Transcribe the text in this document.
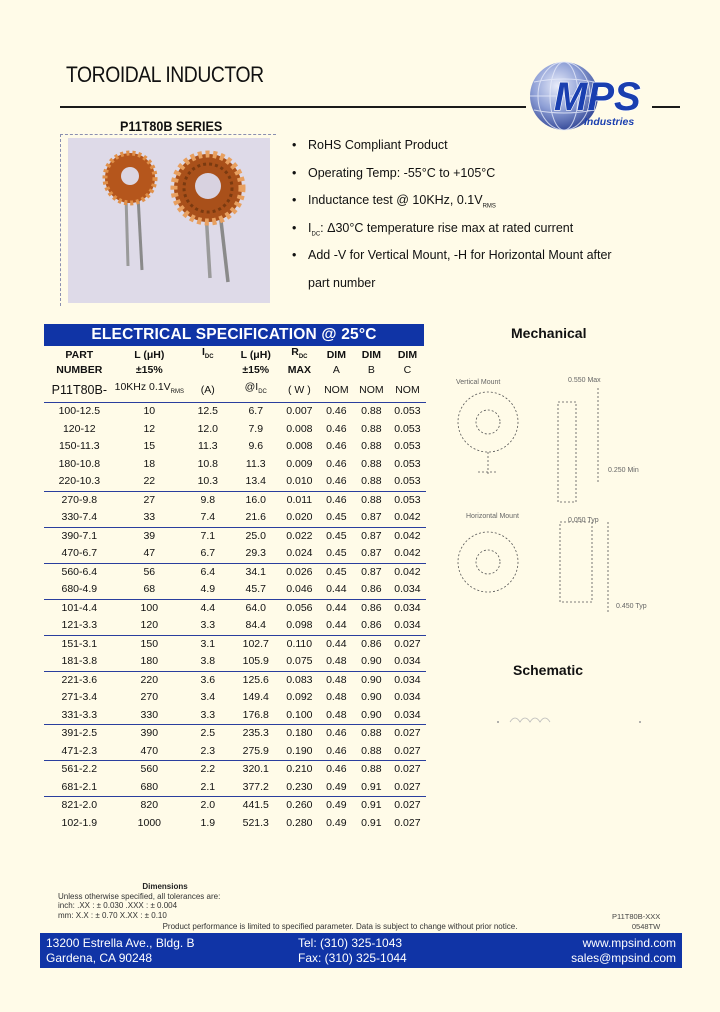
TOROIDAL INDUCTOR
MPS
Industries
P11T80B SERIES
• RoHS Compliant Product
• Operating Temp: -55°C to +105°C
• Inductance test @ 10KHz, $0.1V_{RMS}$
• $I_{DC}$: Δ30°C temperature rise max at rated current
• Add -V for Vertical Mount, -H for Horizontal Mount after
part number
ELECTRICAL SPECIFICATION @ 25°C
PART	L (μH)	$I_{DC}$	L (μH)	$R_{DC}$	DIM	DIM	DIM
NUMBER	±15%		±15%	MAX	A	B	C
P11T80B-	10KHz $0.1V_{RMS}$	(A)	$@I_{DC}$	( W )	NOM	NOM	NOM
100-12.5	10	12.5	6.7	0.007	0.46	0.88	0.053
120-12	12	12.0	7.9	0.008	0.46	0.88	0.053
150-11.3	15	11.3	9.6	0.008	0.46	0.88	0.053
180-10.8	18	10.8	11.3	0.009	0.46	0.88	0.053
220-10.3	22	10.3	13.4	0.010	0.46	0.88	0.053
270-9.8	27	9.8	16.0	0.011	0.46	0.88	0.053
330-7.4	33	7.4	21.6	0.020	0.45	0.87	0.042
390-7.1	39	7.1	25.0	0.022	0.45	0.87	0.042
470-6.7	47	6.7	29.3	0.024	0.45	0.87	0.042
560-6.4	56	6.4	34.1	0.026	0.45	0.87	0.042
680-4.9	68	4.9	45.7	0.046	0.44	0.86	0.034
101-4.4	100	4.4	64.0	0.056	0.44	0.86	0.034
121-3.3	120	3.3	84.4	0.098	0.44	0.86	0.034
151-3.1	150	3.1	102.7	0.110	0.44	0.86	0.027
181-3.8	180	3.8	105.9	0.075	0.48	0.90	0.034
221-3.6	220	3.6	125.6	0.083	0.48	0.90	0.034
271-3.4	270	3.4	149.4	0.092	0.48	0.90	0.034
331-3.3	330	3.3	176.8	0.100	0.48	0.90	0.034
391-2.5	390	2.5	235.3	0.180	0.46	0.88	0.027
471-2.3	470	2.3	275.9	0.190	0.46	0.88	0.027
561-2.2	560	2.2	320.1	0.210	0.46	0.88	0.027
681-2.1	680	2.1	377.2	0.230	0.49	0.91	0.027
821-2.0	820	2.0	441.5	0.260	0.49	0.91	0.027
102-1.9	1000	1.9	521.3	0.280	0.49	0.91	0.027
Mechanical
Vertical Mount	0.550 Max
0.250 Min
Horizontal Mount
0.050 Typ
0.450 Typ
Schematic
Dimensions
Unless otherwise specified, all tolerances are:
inch: .XX : ± 0.030 .XXX : ± 0.004
mm: X.X : ± 0.70 X.XX : ± 0.10	P11T80B-XXX
0548TW
Product performance is limited to specified parameter. Data is subject to change without prior notice.
13200 Estrella Ave., Bldg. B
Gardena, CA 90248
Tel: (310) 325-1043
Fax: (310) 325-1044
www.mpsind.com
sales@mpsind.com
